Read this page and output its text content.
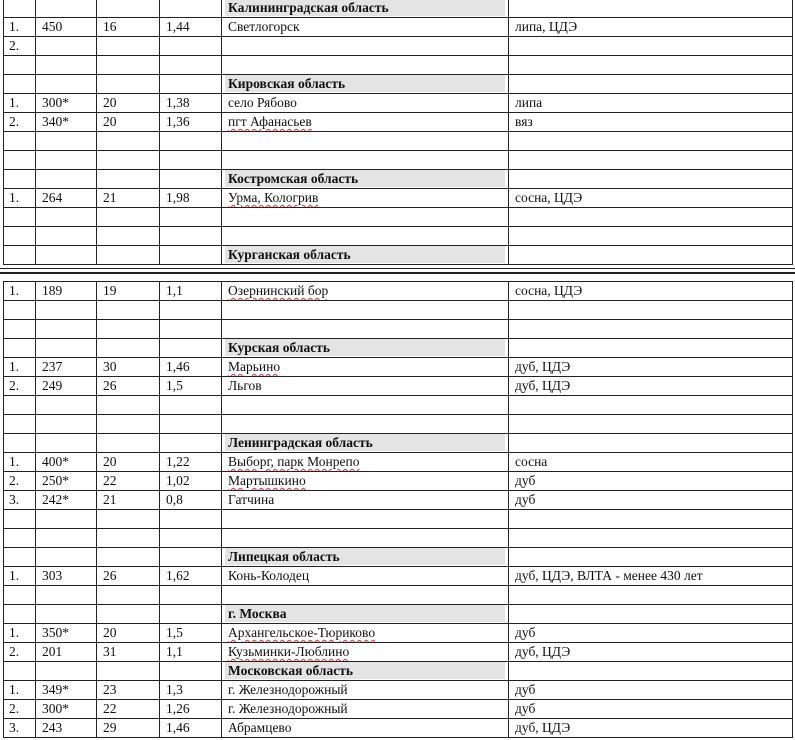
				Калининградская область	

1.	450	16	1,44	Светлогорск	липа, ЦДЭ
2.					

				Кировская область	

1.	300*	20	1,38	село Рябово	липа
2.	340*	20	1,36	пгт Афанасьев	вяз

				Костромская область	

1.	264	21	1,98	Урма, Кологрив	сосна, ЦДЭ

				Курганская область	

1.	189	19	1,1	Озернинский бор	сосна, ЦДЭ

				Курская область	

1.	237	30	1,46	Марьино	дуб, ЦДЭ
2.	249	26	1,5	Льгов	дуб, ЦДЭ

				Ленинградская область	

1.	400*	20	1,22	Выборг, парк Монрепо	сосна
2.	250*	22	1,02	Мартышкино	дуб
3.	242*	21	0,8	Гатчина	дуб

				Липецкая область	

1.	303	26	1,62	Конь-Колодец	дуб, ЦДЭ, ВЛТА - менее 430 лет

				г. Москва	

1.	350*	20	1,5	Архангельское-Тюриково	дуб
2.	201	31	1,1	Кузьминки-Люблино	дуб, ЦДЭ

				Московская область	

1.	349*	23	1,3	г. Железнодорожный	дуб
2.	300*	22	1,26	г. Железнодорожный	дуб
3.	243	29	1,46	Абрамцево	дуб, ЦДЭ
